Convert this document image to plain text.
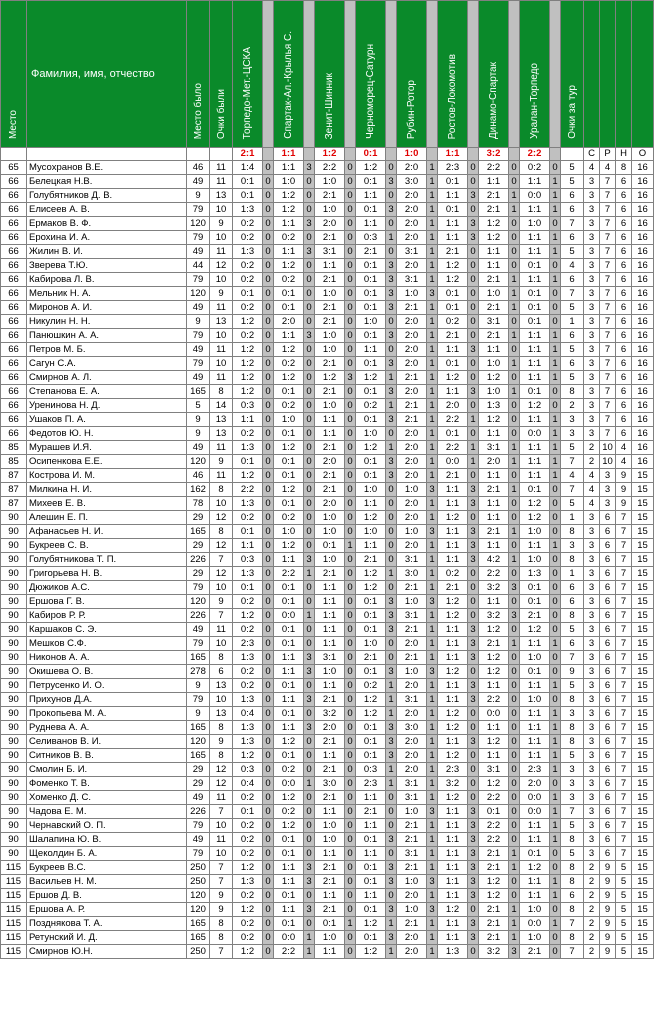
Место	Фамилия, имя, отчество	Место было	Очки были	Торпедо-Мет.-ЦСКА		Спартак-Ал.-Крылья С.		Зенит-Шинник		Черноморец-Сатурн		Рубин-Ротор		Ростов-Локомотив		Динамо-Спартак		Уралан-Торпедо		Очки за тур				
				2:1		1:1		1:2		0:1		1:0		1:1		3:2		2:2			С	Р	Н	О
65	Мусохранов В.Е.	46	11	1:4	0	1:1	3	2:2	0	1:2	0	2:0	1	2:3	0	2:2	0	0:2	0	5	4	4	8	16
66	Белецкая Н.В.	49	11	0:1	0	1:0	0	1:0	0	0:1	3	3:0	1	0:1	0	1:1	0	1:1	1	5	3	7	6	16
66	Голубятников Д. В.	9	13	0:1	0	1:2	0	2:1	0	1:1	0	2:0	1	1:1	3	2:1	1	0:0	1	6	3	7	6	16
66	Елисеев А. В.	79	10	1:3	0	1:2	0	1:0	0	0:1	3	2:0	1	0:1	0	2:1	1	1:1	1	6	3	7	6	16
66	Ермаков В. Ф.	120	9	0:2	0	1:1	3	2:0	0	1:1	0	2:0	1	1:1	3	1:2	0	1:0	0	7	3	7	6	16
66	Ерохина И. А.	79	10	0:2	0	0:2	0	2:1	0	0:3	1	2:0	1	1:1	3	1:2	0	1:1	1	6	3	7	6	16
66	Жилин В. И.	49	11	1:3	0	1:1	3	3:1	0	2:1	0	3:1	1	2:1	0	1:1	0	1:1	1	5	3	7	6	16
66	Зверева Т.Ю.	44	12	0:2	0	1:2	0	1:1	0	0:1	3	2:0	1	1:2	0	1:1	0	0:1	0	4	3	7	6	16
66	Кабирова Л. В.	79	10	0:2	0	0:2	0	2:1	0	0:1	3	3:1	1	1:2	0	2:1	1	1:1	1	6	3	7	6	16
66	Мельник Н. А.	120	9	0:1	0	0:1	0	1:0	0	0:1	3	1:0	3	0:1	0	1:0	1	0:1	0	7	3	7	6	16
66	Миронов А. И.	49	11	0:2	0	0:1	0	2:1	0	0:1	3	2:1	1	0:1	0	2:1	1	0:1	0	5	3	7	6	16
66	Никулин Н. Н.	9	13	1:2	0	2:0	0	2:1	0	1:0	0	2:0	1	0:2	0	3:1	0	0:1	0	1	3	7	6	16
66	Панюшкин А. А.	79	10	0:2	0	1:1	3	1:0	0	0:1	3	2:0	1	2:1	0	2:1	1	1:1	1	6	3	7	6	16
66	Петров М. Б.	49	11	1:2	0	1:2	0	1:0	0	1:1	0	2:0	1	1:1	3	1:1	0	1:1	1	5	3	7	6	16
66	Сагун С.А.	79	10	1:2	0	0:2	0	2:1	0	0:1	3	2:0	1	0:1	0	1:0	1	1:1	1	6	3	7	6	16
66	Смирнов А. Л.	49	11	1:2	0	1:2	0	1:2	3	1:2	1	2:1	1	1:2	0	1:2	0	1:1	1	5	3	7	6	16
66	Степанова Е. А.	165	8	1:2	0	0:1	0	2:1	0	0:1	3	2:0	1	1:1	3	1:0	1	0:1	0	8	3	7	6	16
66	Уренинова Н. Д.	5	14	0:3	0	0:2	0	1:0	0	0:2	1	2:1	1	2:0	0	1:3	0	1:2	0	2	3	7	6	16
66	Ушаков П. А.	9	13	1:1	0	1:0	0	1:1	0	0:1	3	2:1	1	2:2	1	1:2	0	1:1	1	3	3	7	6	16
66	Федотов Ю. Н.	9	13	0:2	0	0:1	0	1:1	0	1:0	0	2:0	1	0:1	0	1:1	0	0:0	1	3	3	7	6	16
85	Мурашев И.Я.	49	11	1:3	0	1:2	0	2:1	0	1:2	1	2:0	1	2:2	1	3:1	1	1:1	1	5	2	10	4	16
85	Осипенкова Е.Е.	120	9	0:1	0	0:1	0	2:0	0	0:1	3	2:0	1	0:0	1	2:0	1	1:1	1	7	2	10	4	16
87	Кострова И. М.	46	11	1:2	0	0:1	0	2:1	0	0:1	3	2:0	1	2:1	0	1:1	0	1:1	1	4	4	3	9	15
87	Милкина Н. И.	162	8	2:2	0	1:2	0	2:1	0	1:0	0	1:0	3	1:1	3	2:1	1	0:1	0	7	4	3	9	15
87	Михеев Е. В.	78	10	1:3	0	0:1	0	2:0	0	1:1	0	2:0	1	1:1	3	1:1	0	1:2	0	5	4	3	9	15
90	Алешин Е. П.	29	12	0:2	0	0:2	0	1:0	0	1:2	0	2:0	1	1:2	0	1:1	0	1:2	0	1	3	6	7	15
90	Афанасьев Н. И.	165	8	0:1	0	1:0	0	1:0	0	1:0	0	1:0	3	1:1	3	2:1	1	1:0	0	8	3	6	7	15
90	Букреев С. В.	29	12	1:1	0	1:2	0	0:1	1	1:1	0	2:0	1	1:1	3	1:1	0	1:1	1	3	3	6	7	15
90	Голубятникова Т. П.	226	7	0:3	0	1:1	3	1:0	0	2:1	0	3:1	1	1:1	3	4:2	1	1:0	0	8	3	6	7	15
90	Григорьева Н. В.	29	12	1:3	0	2:2	1	2:1	0	1:2	1	3:0	1	0:2	0	2:2	0	1:3	0	1	3	6	7	15
90	Дюжиков А.С.	79	10	0:1	0	0:1	0	1:1	0	1:2	0	2:1	1	2:1	0	3:2	3	0:1	0	6	3	6	7	15
90	Ершова Г. В.	120	9	0:2	0	0:1	0	1:1	0	0:1	3	1:0	3	1:2	0	1:1	0	0:1	0	6	3	6	7	15
90	Кабиров Р. Р.	226	7	1:2	0	0:0	1	1:1	0	0:1	3	3:1	1	1:2	0	3:2	3	2:1	0	8	3	6	7	15
90	Каршаков С. Э.	49	11	0:2	0	0:1	0	1:1	0	0:1	3	2:1	1	1:1	3	1:2	0	1:2	0	5	3	6	7	15
90	Мешков С.Ф.	79	10	2:3	0	0:1	0	1:1	0	1:0	0	2:0	1	1:1	3	2:1	1	1:1	1	6	3	6	7	15
90	Никонов А. А.	165	8	1:3	0	1:1	3	3:1	0	2:1	0	2:1	1	1:1	3	1:2	0	1:0	0	7	3	6	7	15
90	Окишева О. В.	278	6	0:2	0	1:1	3	1:0	0	0:1	3	1:0	3	1:2	0	1:2	0	0:1	0	9	3	6	7	15
90	Петрусенко И. О.	9	13	0:2	0	0:1	0	1:1	0	0:2	1	2:0	1	1:1	3	1:1	0	1:1	1	5	3	6	7	15
90	Прихунов Д.А.	79	10	1:3	0	1:1	3	2:1	0	1:2	1	3:1	1	1:1	3	2:2	0	1:0	0	8	3	6	7	15
90	Прокопьева М. А.	9	13	0:4	0	0:1	0	3:2	0	1:2	1	2:0	1	1:2	0	0:0	0	1:1	1	3	3	6	7	15
90	Руднева А. А.	165	8	1:3	0	1:1	3	2:0	0	0:1	3	3:0	1	1:2	0	1:1	0	1:1	1	8	3	6	7	15
90	Селиванов В. И.	120	9	1:3	0	1:2	0	2:1	0	0:1	3	2:0	1	1:1	3	1:2	0	1:1	1	8	3	6	7	15
90	Ситников В. В.	165	8	1:2	0	0:1	0	1:1	0	0:1	3	2:0	1	1:2	0	1:1	0	1:1	1	5	3	6	7	15
90	Смолин Б. И.	29	12	0:3	0	0:2	0	2:1	0	0:3	1	2:0	1	2:3	0	3:1	0	2:3	1	3	3	6	7	15
90	Фоменко Т. В.	29	12	0:4	0	0:0	1	3:0	0	2:3	1	3:1	1	3:2	0	1:2	0	2:0	0	3	3	6	7	15
90	Хоменко Д. С.	49	11	0:2	0	1:2	0	2:1	0	1:1	0	3:1	1	1:2	0	2:2	0	0:0	1	3	3	6	7	15
90	Чадова Е. М.	226	7	0:1	0	0:2	0	1:1	0	2:1	0	1:0	3	1:1	3	0:1	0	0:0	1	7	3	6	7	15
90	Чернавский О. П.	79	10	0:2	0	1:2	0	1:0	0	1:1	0	2:1	1	1:1	3	2:2	0	1:1	1	5	3	6	7	15
90	Шалапина Ю. В.	49	11	0:2	0	0:1	0	1:0	0	0:1	3	2:1	1	1:1	3	2:2	0	1:1	1	8	3	6	7	15
90	Щеколдин Б. А.	79	10	0:2	0	0:1	0	1:1	0	1:1	0	3:1	1	1:1	3	2:1	1	0:1	0	5	3	6	7	15
115	Букреев В.С.	250	7	1:2	0	1:1	3	2:1	0	0:1	3	2:1	1	1:1	3	2:1	1	1:2	0	8	2	9	5	15
115	Васильев Н. М.	250	7	1:3	0	1:1	3	2:1	0	0:1	3	1:0	3	1:1	3	1:2	0	1:1	1	8	2	9	5	15
115	Ершов Д. В.	120	9	0:2	0	0:1	0	1:1	0	1:1	0	2:0	1	1:1	3	1:2	0	1:1	1	6	2	9	5	15
115	Ершова А. Р.	120	9	1:2	0	1:1	3	2:1	0	0:1	3	1:0	3	1:2	0	2:1	1	1:0	0	8	2	9	5	15
115	Позднякова Т. А.	165	8	0:2	0	0:1	0	0:1	1	1:2	1	2:1	1	1:1	3	2:1	1	0:0	1	7	2	9	5	15
115	Ретунский И. Д.	165	8	0:2	0	0:0	1	1:0	0	0:1	3	2:0	1	1:1	3	2:1	1	1:0	0	8	2	9	5	15
115	Смирнов Ю.Н.	250	7	1:2	0	2:2	1	1:1	0	1:2	1	2:0	1	1:3	0	3:2	3	2:1	0	7	2	9	5	15
